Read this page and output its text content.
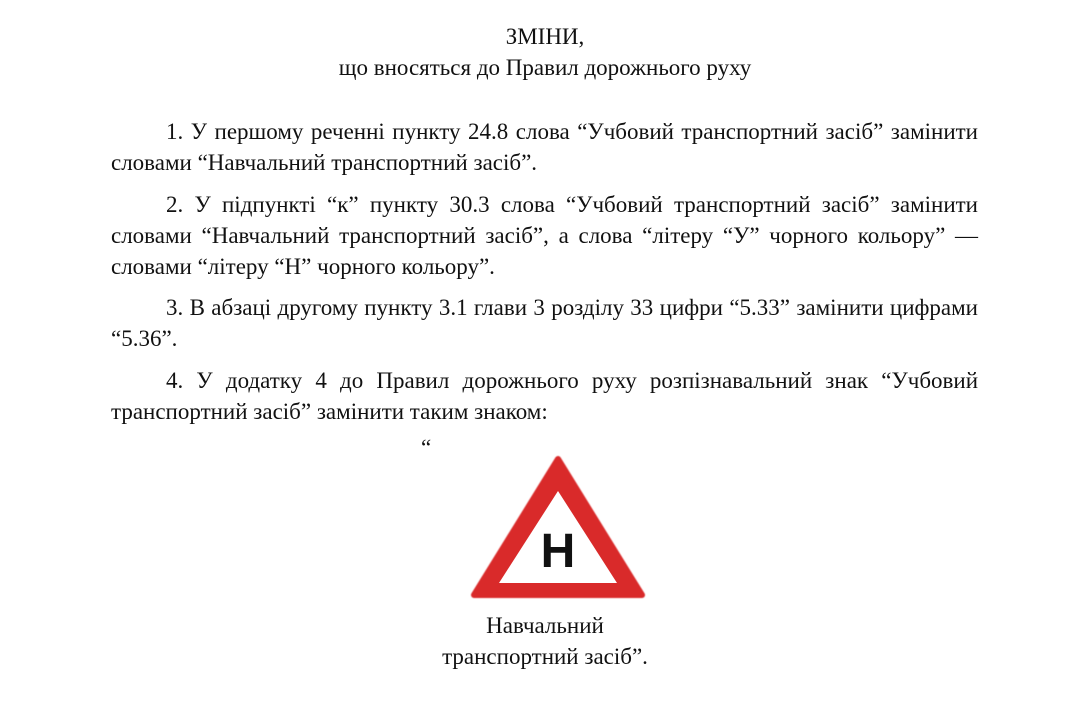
ЗМІНИ,
що вносяться до Правил дорожнього руху

1. У першому реченні пункту 24.8 слова “Учбовий транспортний засіб” замінити словами “Навчальний транспортний засіб”.

2. У підпункті “к” пункту 30.3 слова “Учбовий транспортний засіб” замінити словами “Навчальний транспортний засіб”, а слова “літеру “У” чорного кольору” — словами “літеру “Н” чорного кольору”.

3. В абзаці другому пункту 3.1 глави 3 розділу 33 цифри “5.33” замінити цифрами “5.36”.

4. У додатку 4 до Правил дорожнього руху розпізнавальний знак “Учбовий транспортний засіб” замінити таким знаком:

“
Н
Навчальний
транспортний засіб”.
